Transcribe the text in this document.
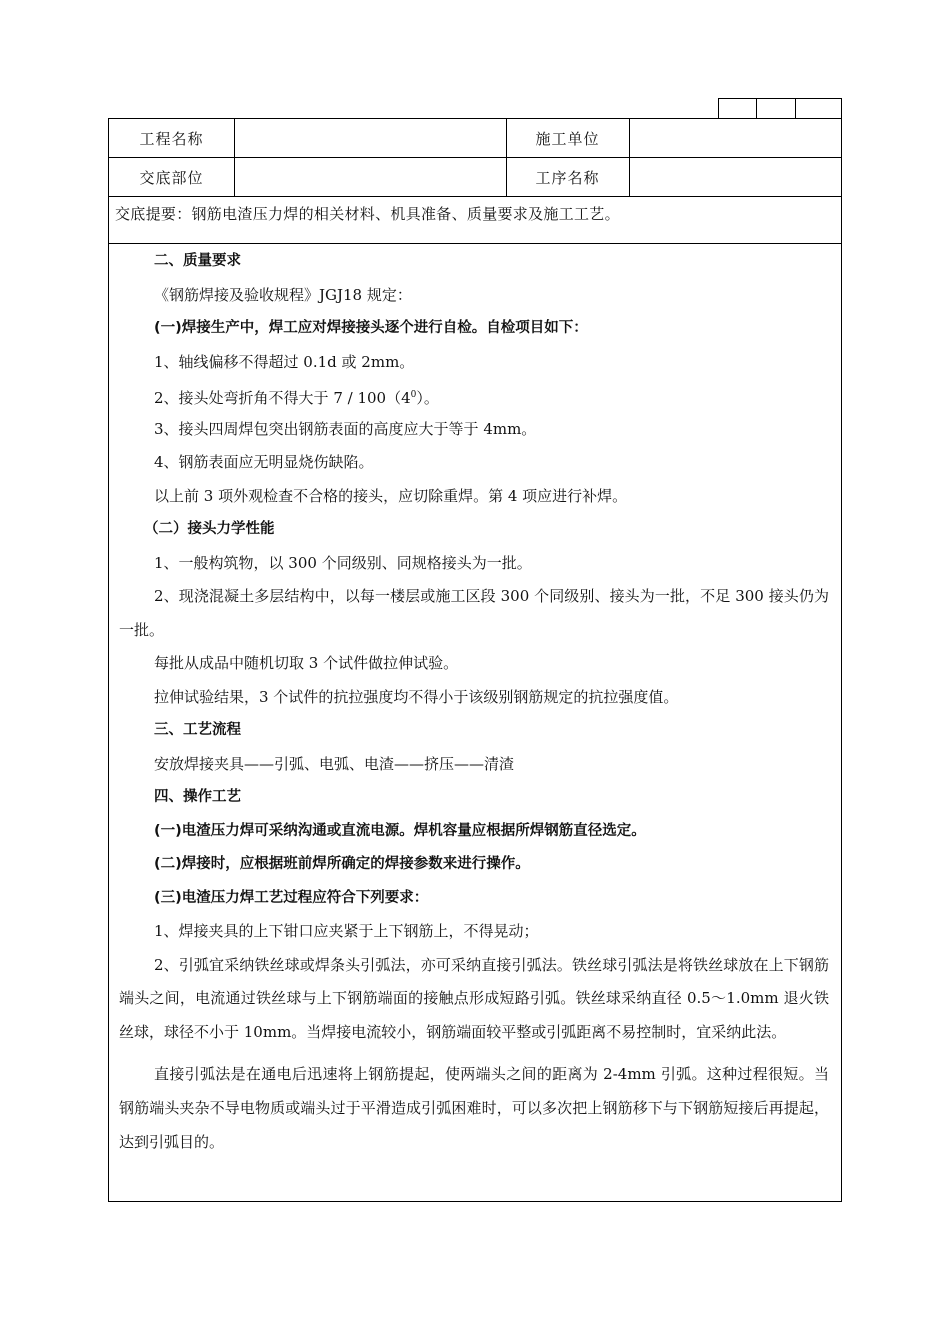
工程名称	施工单位
交底部位	工序名称
交底提要：钢筋电渣压力焊的相关材料、机具准备、质量要求及施工工艺。
二、质量要求
《钢筋焊接及验收规程》JGJ18 规定：
(一)焊接生产中，焊工应对焊接接头逐个进行自检。自检项目如下：
1、轴线偏移不得超过 0.1d 或 2mm。
2、接头处弯折角不得大于 $7 / 100(4^0)$。
3、接头四周焊包突出钢筋表面的高度应大于等于 4mm。
4、钢筋表面应无明显烧伤缺陷。
以上前 3 项外观检查不合格的接头，应切除重焊。第 4 项应进行补焊。
（二）接头力学性能
1、一般构筑物，以 300 个同级别、同规格接头为一批。
2、现浇混凝土多层结构中，以每一楼层或施工区段 300 个同级别、接头为一批，不足 300 接头仍为一批。
每批从成品中随机切取 3 个试件做拉伸试验。
拉伸试验结果，3 个试件的抗拉强度均不得小于该级别钢筋规定的抗拉强度值。
三、工艺流程
安放焊接夹具——引弧、电弧、电渣——挤压——清渣
四、操作工艺
(一)电渣压力焊可采纳沟通或直流电源。焊机容量应根据所焊钢筋直径选定。
(二)焊接时，应根据班前焊所确定的焊接参数来进行操作。
(三)电渣压力焊工艺过程应符合下列要求：
1、焊接夹具的上下钳口应夹紧于上下钢筋上，不得晃动；
2、引弧宜采纳铁丝球或焊条头引弧法，亦可采纳直接引弧法。铁丝球引弧法是将铁丝球放在上下钢筋端头之间，电流通过铁丝球与上下钢筋端面的接触点形成短路引弧。铁丝球采纳直径 0.5～1.0mm 退火铁丝球，球径不小于 10mm。当焊接电流较小，钢筋端面较平整或引弧距离不易控制时，宜采纳此法。
直接引弧法是在通电后迅速将上钢筋提起，使两端头之间的距离为 2-4mm 引弧。这种过程很短。当钢筋端头夹杂不导电物质或端头过于平滑造成引弧困难时，可以多次把上钢筋移下与下钢筋短接后再提起，达到引弧目的。
